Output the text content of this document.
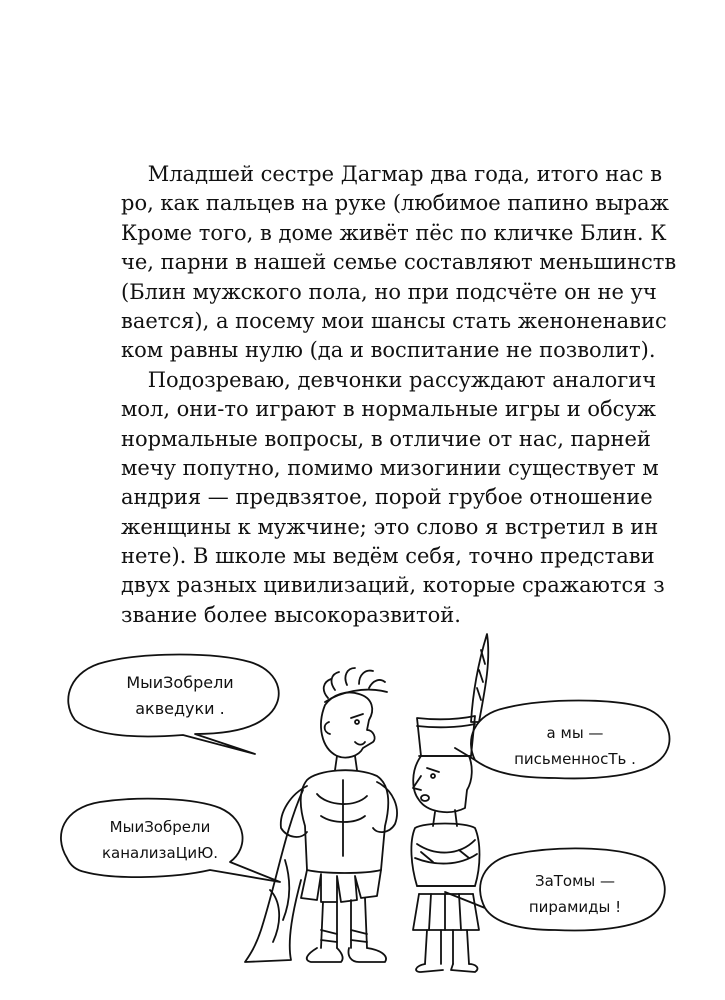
Младшей сестре Дагмар два года, итого нас в
ро, как пальцев на руке (любимое папино выраж
Кроме того, в доме живёт пёс по кличке Блин. К
че, парни в нашей семье составляют меньшинств
(Блин мужского пола, но при подсчёте он не уч
вается), а посему мои шансы стать женоненавис
ком равны нулю (да и воспитание не позволит).
Подозреваю, девчонки рассуждают аналогич
мол, они-то играют в нормальные игры и обсуж
нормальные вопросы, в отличие от нас, парней
мечу попутно, помимо мизогинии существует м
андрия — предвзятое, порой грубое отношение
женщины к мужчине; это слово я встретил в ин
нете). В школе мы ведём себя, точно представи
двух разных цивилизаций, которые сражаются з
звание более высокоразвитой.
МыиЗобрели
акведуки .
МыиЗобрели
канализаЦиЮ.
а мы —
письменносТь .
ЗаТомы —
пирамиды !
